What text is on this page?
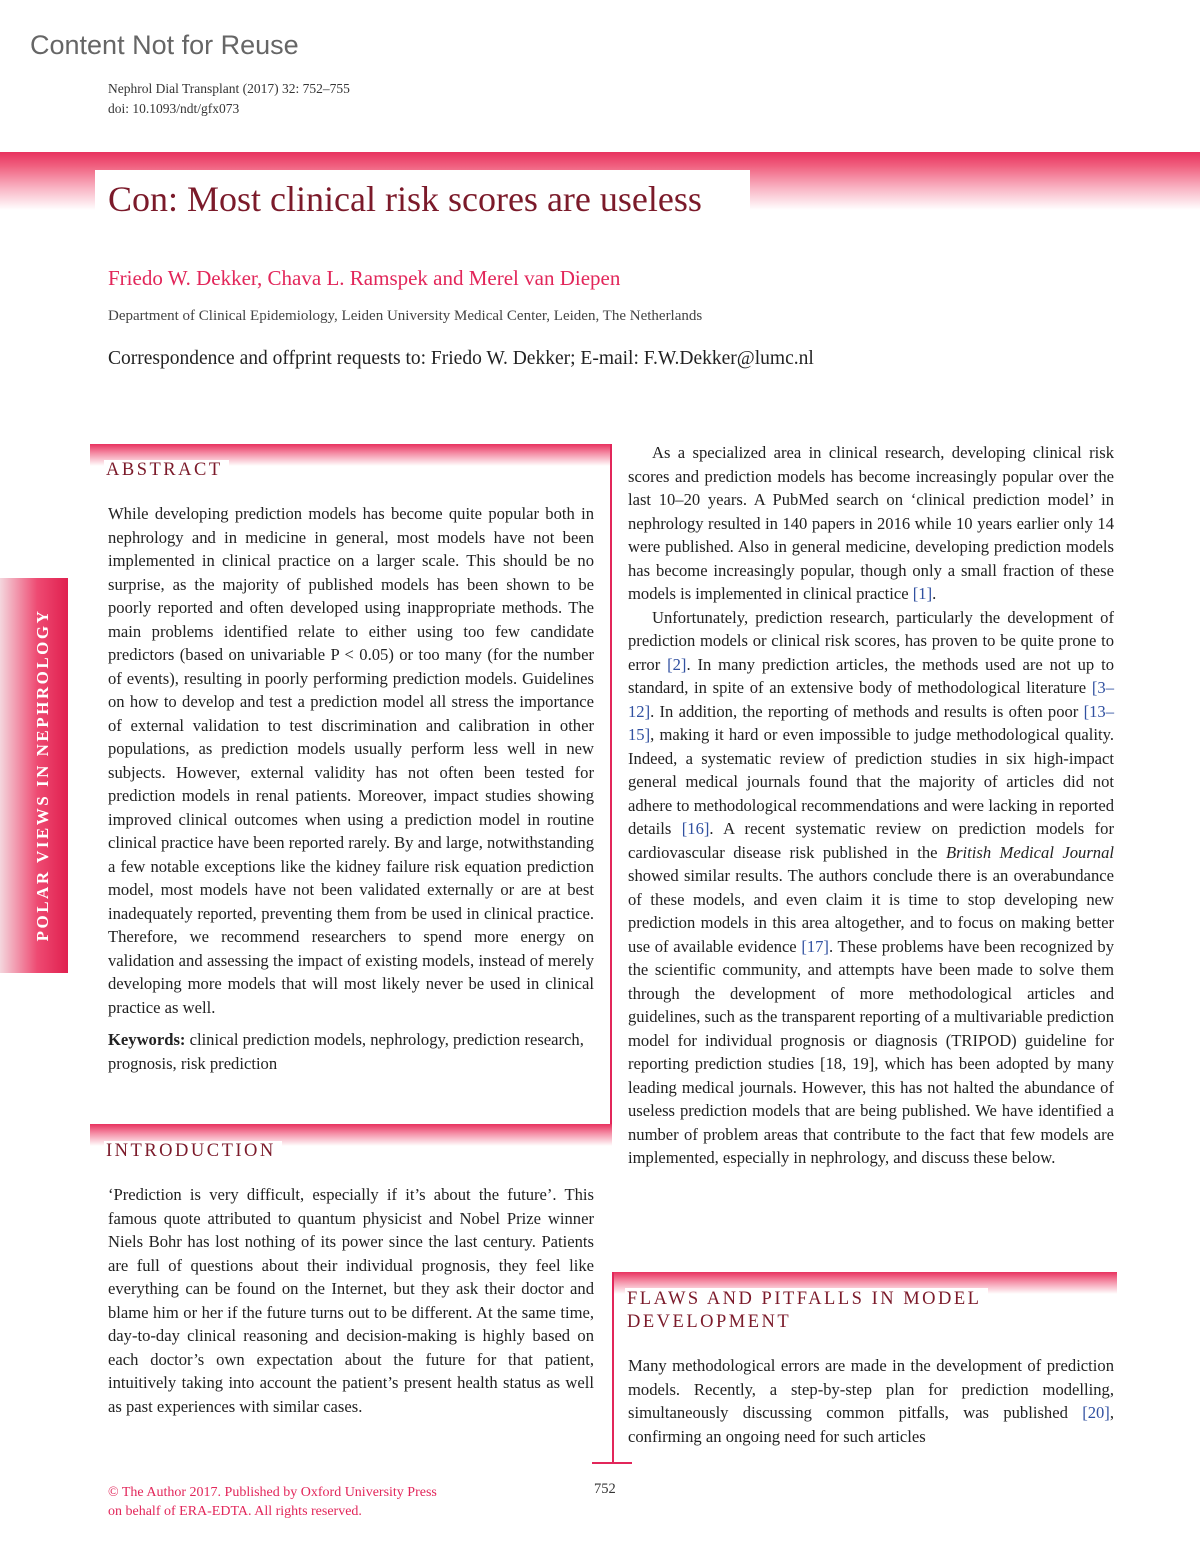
Content Not for Reuse
Nephrol Dial Transplant (2017) 32: 752–755
doi: 10.1093/ndt/gfx073
Con: Most clinical risk scores are useless
Friedo W. Dekker, Chava L. Ramspek and Merel van Diepen
Department of Clinical Epidemiology, Leiden University Medical Center, Leiden, The Netherlands
Correspondence and offprint requests to: Friedo W. Dekker; E-mail: F.W.Dekker@lumc.nl
POLAR VIEWS IN NEPHROLOGY
ABSTRACT

While developing prediction models has become quite popular both in nephrology and in medicine in general, most models have not been implemented in clinical practice on a larger scale. This should be no surprise, as the majority of published models has been shown to be poorly reported and often developed using inappropriate methods. The main problems identified relate to either using too few candidate predictors (based on univariable P < 0.05) or too many (for the number of events), resulting in poorly performing prediction models. Guidelines on how to develop and test a prediction model all stress the importance of external validation to test discrimination and calibration in other populations, as prediction models usually perform less well in new subjects. However, external validity has not often been tested for prediction models in renal patients. Moreover, impact studies showing improved clinical outcomes when using a prediction model in routine clinical practice have been reported rarely. By and large, notwithstanding a few notable exceptions like the kidney failure risk equation prediction model, most models have not been validated externally or are at best inadequately reported, preventing them from be used in clinical practice. Therefore, we recommend researchers to spend more energy on validation and assessing the impact of existing models, instead of merely developing more models that will most likely never be used in clinical practice as well.

Keywords: clinical prediction models, nephrology, prediction research, prognosis, risk prediction

INTRODUCTION

‘Prediction is very difficult, especially if it’s about the future’. This famous quote attributed to quantum physicist and Nobel Prize winner Niels Bohr has lost nothing of its power since the last century. Patients are full of questions about their individual prognosis, they feel like everything can be found on the Internet, but they ask their doctor and blame him or her if the future turns out to be different. At the same time, day-to-day clinical reasoning and decision-making is highly based on each doctor’s own expectation about the future for that patient, intuitively taking into account the patient’s present health status as well as past experiences with similar cases.

As a specialized area in clinical research, developing clinical risk scores and prediction models has become increasingly popular over the last 10–20 years. A PubMed search on ‘clinical prediction model’ in nephrology resulted in 140 papers in 2016 while 10 years earlier only 14 were published. Also in general medicine, developing prediction models has become increasingly popular, though only a small fraction of these models is implemented in clinical practice [1].

Unfortunately, prediction research, particularly the development of prediction models or clinical risk scores, has proven to be quite prone to error [2]. In many prediction articles, the methods used are not up to standard, in spite of an extensive body of methodological literature [3–12]. In addition, the reporting of methods and results is often poor [13–15], making it hard or even impossible to judge methodological quality. Indeed, a systematic review of prediction studies in six high-impact general medical journals found that the majority of articles did not adhere to methodological recommendations and were lacking in reported details [16]. A recent systematic review on prediction models for cardiovascular disease risk published in the British Medical Journal showed similar results. The authors conclude there is an overabundance of these models, and even claim it is time to stop developing new prediction models in this area altogether, and to focus on making better use of available evidence [17]. These problems have been recognized by the scientific community, and attempts have been made to solve them through the development of more methodological articles and guidelines, such as the transparent reporting of a multivariable prediction model for individual prognosis or diagnosis (TRIPOD) guideline for reporting prediction studies [18, 19], which has been adopted by many leading medical journals. However, this has not halted the abundance of useless prediction models that are being published. We have identified a number of problem areas that contribute to the fact that few models are implemented, especially in nephrology, and discuss these below.

FLAWS AND PITFALLS IN MODEL
DEVELOPMENT

Many methodological errors are made in the development of prediction models. Recently, a step-by-step plan for prediction modelling, simultaneously discussing common pitfalls, was published [20], confirming an ongoing need for such articles

© The Author 2017. Published by Oxford University Press
on behalf of ERA-EDTA. All rights reserved.
752
